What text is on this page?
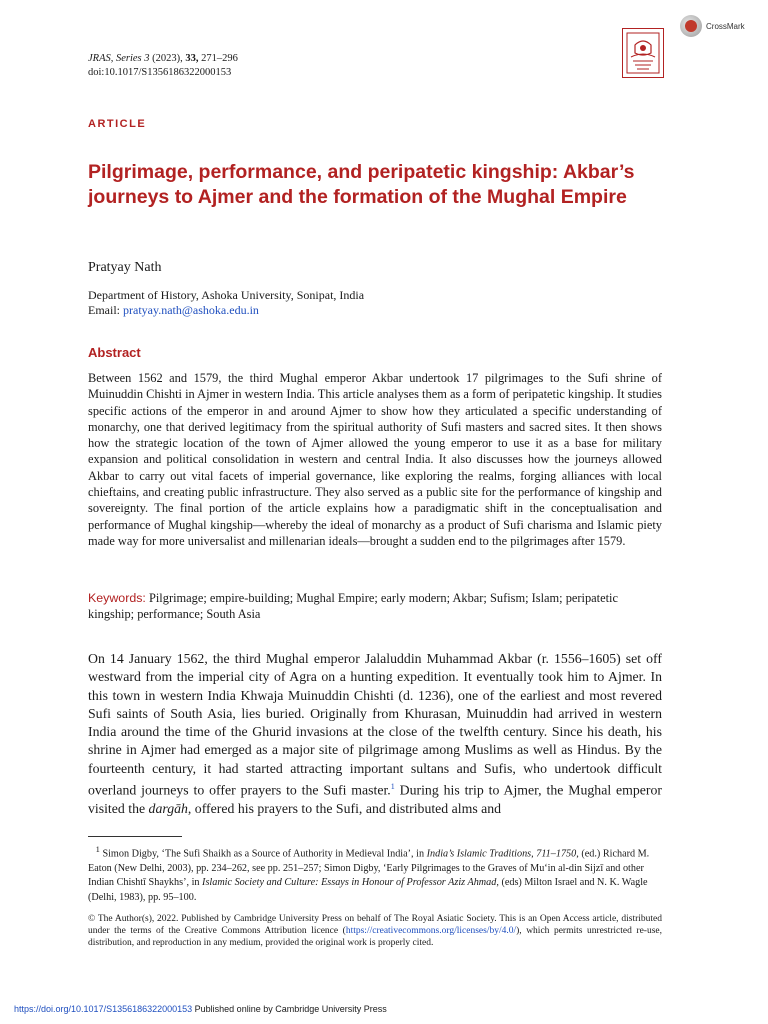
JRAS, Series 3 (2023), 33, 271–296
doi:10.1017/S1356186322000153
CrossMark
ARTICLE
Pilgrimage, performance, and peripatetic kingship: Akbar’s journeys to Ajmer and the formation of the Mughal Empire
Pratyay Nath
Department of History, Ashoka University, Sonipat, India
Email: pratyay.nath@ashoka.edu.in
Abstract
Between 1562 and 1579, the third Mughal emperor Akbar undertook 17 pilgrimages to the Sufi shrine of Muinuddin Chishti in Ajmer in western India. This article analyses them as a form of peripatetic kingship. It studies specific actions of the emperor in and around Ajmer to show how they articulated a specific understanding of monarchy, one that derived legitimacy from the spiritual authority of Sufi masters and sacred sites. It then shows how the strategic location of the town of Ajmer allowed the young emperor to use it as a base for military expansion and political consolidation in western and central India. It also discusses how the journeys allowed Akbar to carry out vital facets of imperial governance, like exploring the realms, forging alliances with local chieftains, and creating public infrastructure. They also served as a public site for the performance of kingship and sovereignty. The final portion of the article explains how a paradigmatic shift in the conceptualisation and performance of Mughal kingship—whereby the ideal of monarchy as a product of Sufi charisma and Islamic piety made way for more universalist and millenarian ideals—brought a sudden end to the pilgrimages after 1579.
Keywords: Pilgrimage; empire-building; Mughal Empire; early modern; Akbar; Sufism; Islam; peripatetic kingship; performance; South Asia
On 14 January 1562, the third Mughal emperor Jalaluddin Muhammad Akbar (r. 1556–1605) set off westward from the imperial city of Agra on a hunting expedition. It eventually took him to Ajmer. In this town in western India Khwaja Muinuddin Chishti (d. 1236), one of the earliest and most revered Sufi saints of South Asia, lies buried. Originally from Khurasan, Muinuddin had arrived in western India around the time of the Ghurid invasions at the close of the twelfth century. Since his death, his shrine in Ajmer had emerged as a major site of pilgrimage among Muslims as well as Hindus. By the fourteenth century, it had started attracting important sultans and Sufis, who undertook difficult overland journeys to offer prayers to the Sufi master.$^1$ During his trip to Ajmer, the Mughal emperor visited the dargāh, offered his prayers to the Sufi, and distributed alms and
$^1$ Simon Digby, ‘The Sufi Shaikh as a Source of Authority in Medieval India’, in India’s Islamic Traditions, 711–1750, (ed.) Richard M. Eaton (New Delhi, 2003), pp. 234–262, see pp. 251–257; Simon Digby, ‘Early Pilgrimages to the Graves of Mu‘in al-din Sijzī and other Indian Chishtī Shaykhs’, in Islamic Society and Culture: Essays in Honour of Professor Aziz Ahmad, (eds) Milton Israel and N. K. Wagle (Delhi, 1983), pp. 95–100.
© The Author(s), 2022. Published by Cambridge University Press on behalf of The Royal Asiatic Society. This is an Open Access article, distributed under the terms of the Creative Commons Attribution licence (https://creativecommons.org/licenses/by/4.0/), which permits unrestricted re-use, distribution, and reproduction in any medium, provided the original work is properly cited.
https://doi.org/10.1017/S1356186322000153 Published online by Cambridge University Press
